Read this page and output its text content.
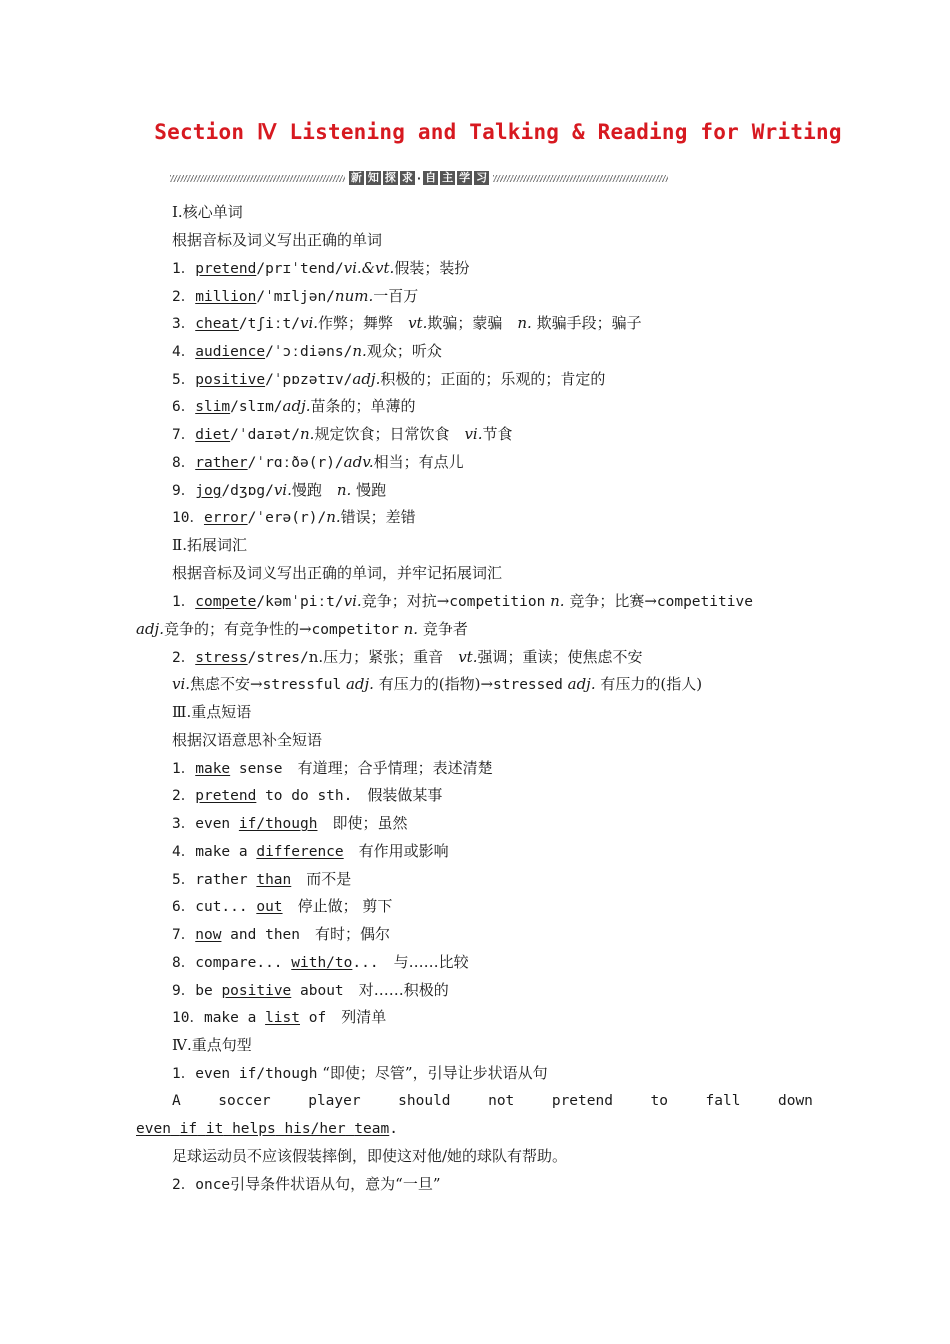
Section Ⅳ Listening and Talking & Reading for Writing
新 知 探 求 · 自 主 学 习
Ⅰ.核心单词
根据音标及词义写出正确的单词
1．pretend/prɪˈtend/vi.&vt.假装；装扮
2．million/ˈmɪljən/num.一百万
3．cheat/tʃiːt/vi.作弊；舞弊　vt.欺骗；蒙骗　n. 欺骗手段；骗子
4．audience/ˈɔːdiəns/n.观众；听众
5．positive/ˈpɒzətɪv/adj.积极的；正面的；乐观的；肯定的
6．slim/slɪm/adj.苗条的；单薄的
7．diet/ˈdaɪət/n.规定饮食；日常饮食　vi.节食
8．rather/ˈrɑːðə(r)/adv.相当；有点儿
9．jog/dʒɒg/vi.慢跑　n. 慢跑
10．error/ˈerə(r)/n.错误；差错
Ⅱ.拓展词汇
根据音标及词义写出正确的单词，并牢记拓展词汇
1．compete/kəmˈpiːt/vi.竞争；对抗→competition n. 竞争；比赛→competitive
adj.竞争的；有竞争性的→competitor n. 竞争者
2．stress/stres/n.压力；紧张；重音　vt.强调；重读；使焦虑不安
vi.焦虑不安→stressful adj. 有压力的(指物)→stressed adj. 有压力的(指人)
Ⅲ.重点短语
根据汉语意思补全短语
1．make sense　 有道理；合乎情理；表述清楚
2．pretend to do sth.　 假装做某事
3．even if/though　 即使；虽然
4．make a difference　 有作用或影响
5．rather than　 而不是
6．cut... out　 停止做； 剪下
7．now and then　 有时；偶尔
8．compare... with/to...　 与……比较
9．be positive about　 对……积极的
10．make a list of　 列清单
Ⅳ.重点句型
1．even if/though “即使；尽管”，引导让步状语从句
A	soccer	player	should	not	pretend	to	fall	down
even if it helps his/her team.
足球运动员不应该假装摔倒，即使这对他/她的球队有帮助。
2．once引导条件状语从句，意为“一旦”
